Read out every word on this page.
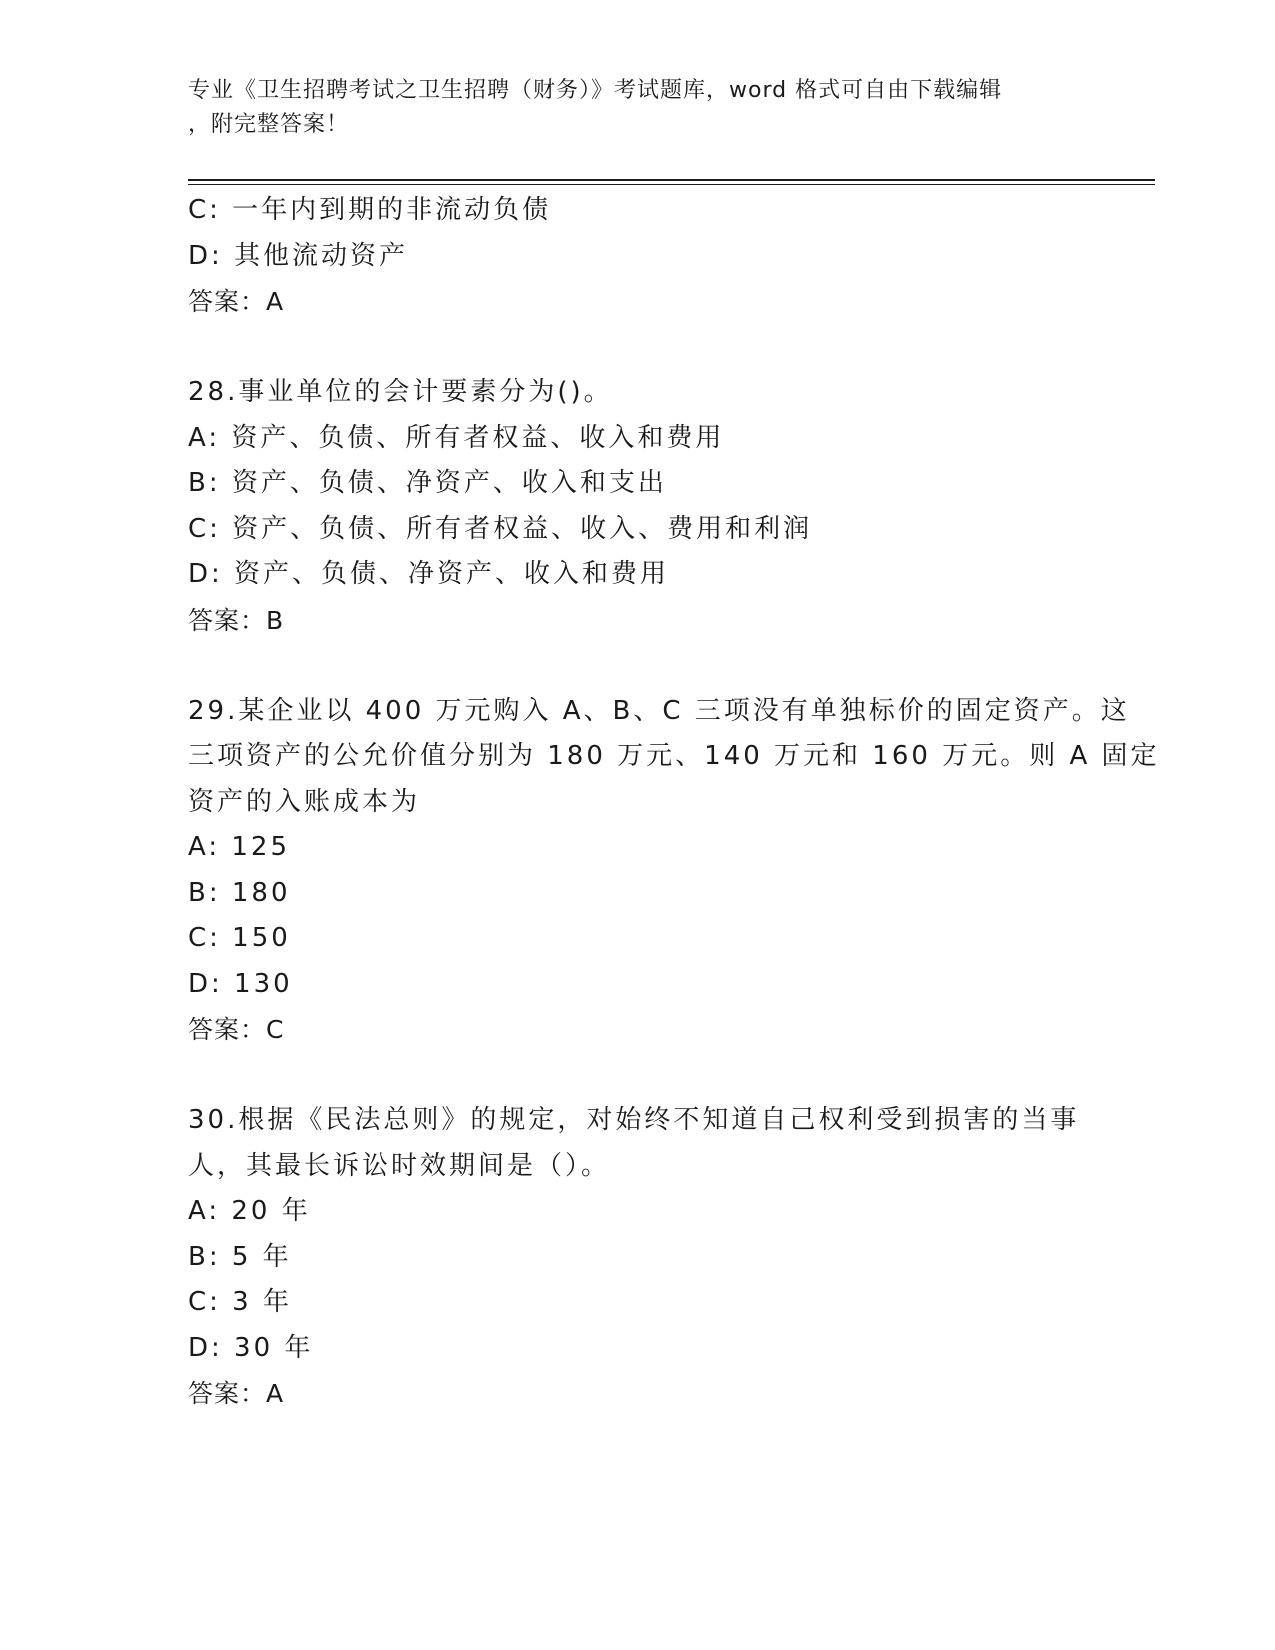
专业《卫生招聘考试之卫生招聘（财务）》考试题库，word 格式可自由下载编辑
，附完整答案！
C: 一年内到期的非流动负债
D: 其他流动资产
答案：A
28.事业单位的会计要素分为()。
A: 资产、负债、所有者权益、收入和费用
B: 资产、负债、净资产、收入和支出
C: 资产、负债、所有者权益、收入、费用和利润
D: 资产、负债、净资产、收入和费用
答案：B
29.某企业以 400 万元购入 A、B、C 三项没有单独标价的固定资产。这
三项资产的公允价值分别为 180 万元、140 万元和 160 万元。则 A 固定
资产的入账成本为
A: 125
B: 180
C: 150
D: 130
答案：C
30.根据《民法总则》的规定，对始终不知道自己权利受到损害的当事
人，其最长诉讼时效期间是（）。
A: 20 年
B: 5 年
C: 3 年
D: 30 年
答案：A
